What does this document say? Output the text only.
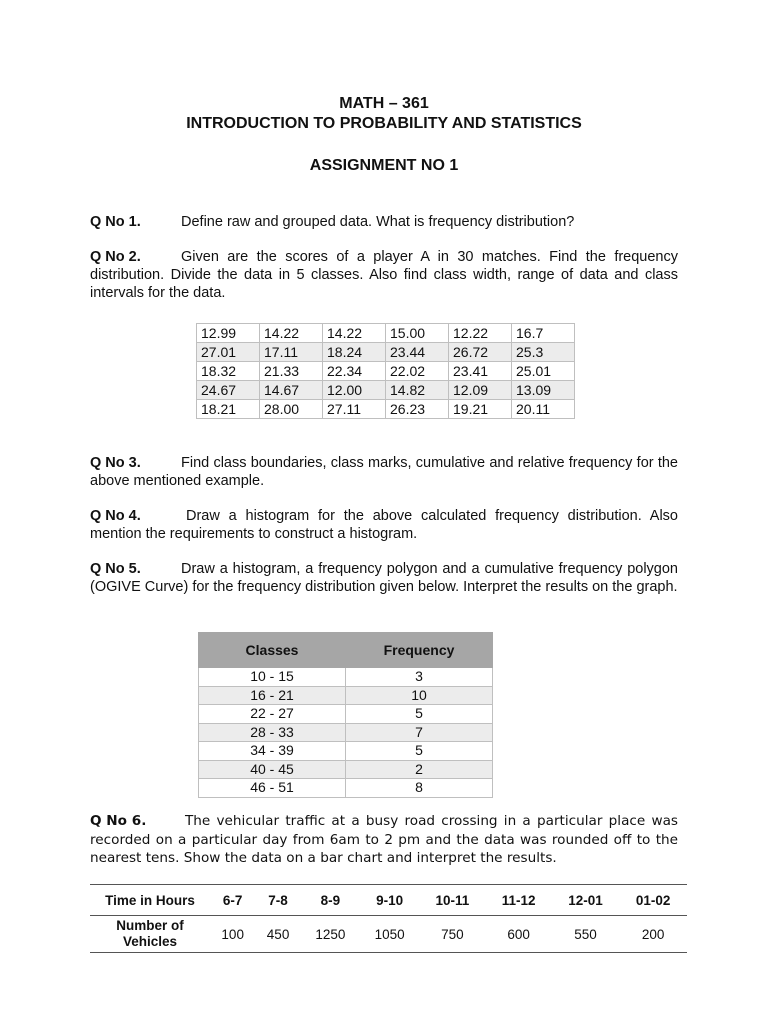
MATH – 361
INTRODUCTION TO PROBABILITY AND STATISTICS
ASSIGNMENT NO 1
Q No 1.	Define raw and grouped data. What is frequency distribution?
Q No 2.	Given are the scores of a player A in 30 matches. Find the frequency distribution. Divide the data in 5 classes. Also find class width, range of data and class intervals for the data.
12.99	14.22	14.22	15.00	12.22	16.7
27.01	17.11	18.24	23.44	26.72	25.3
18.32	21.33	22.34	22.02	23.41	25.01
24.67	14.67	12.00	14.82	12.09	13.09
18.21	28.00	27.11	26.23	19.21	20.11
Q No 3.	Find class boundaries, class marks, cumulative and relative frequency for the above mentioned example.
Q No 4.	Draw a histogram for the above calculated frequency distribution. Also mention the requirements to construct a histogram.
Q No 5.	Draw a histogram, a frequency polygon and a cumulative frequency polygon (OGIVE Curve) for the frequency distribution given below. Interpret the results on the graph.
Classes	Frequency
10 - 15	3
16 - 21	10
22 - 27	5
28 - 33	7
34 - 39	5
40 - 45	2
46 - 51	8
Q No 6.	The vehicular traffic at a busy road crossing in a particular place was recorded on a particular day from 6am to 2 pm and the data was rounded off to the nearest tens. Show the data on a bar chart and interpret the results.
Time in Hours	6-7	7-8	8-9	9-10	10-11	11-12	12-01	01-02
Number of
Vehicles	100	450	1250	1050	750	600	550	200
